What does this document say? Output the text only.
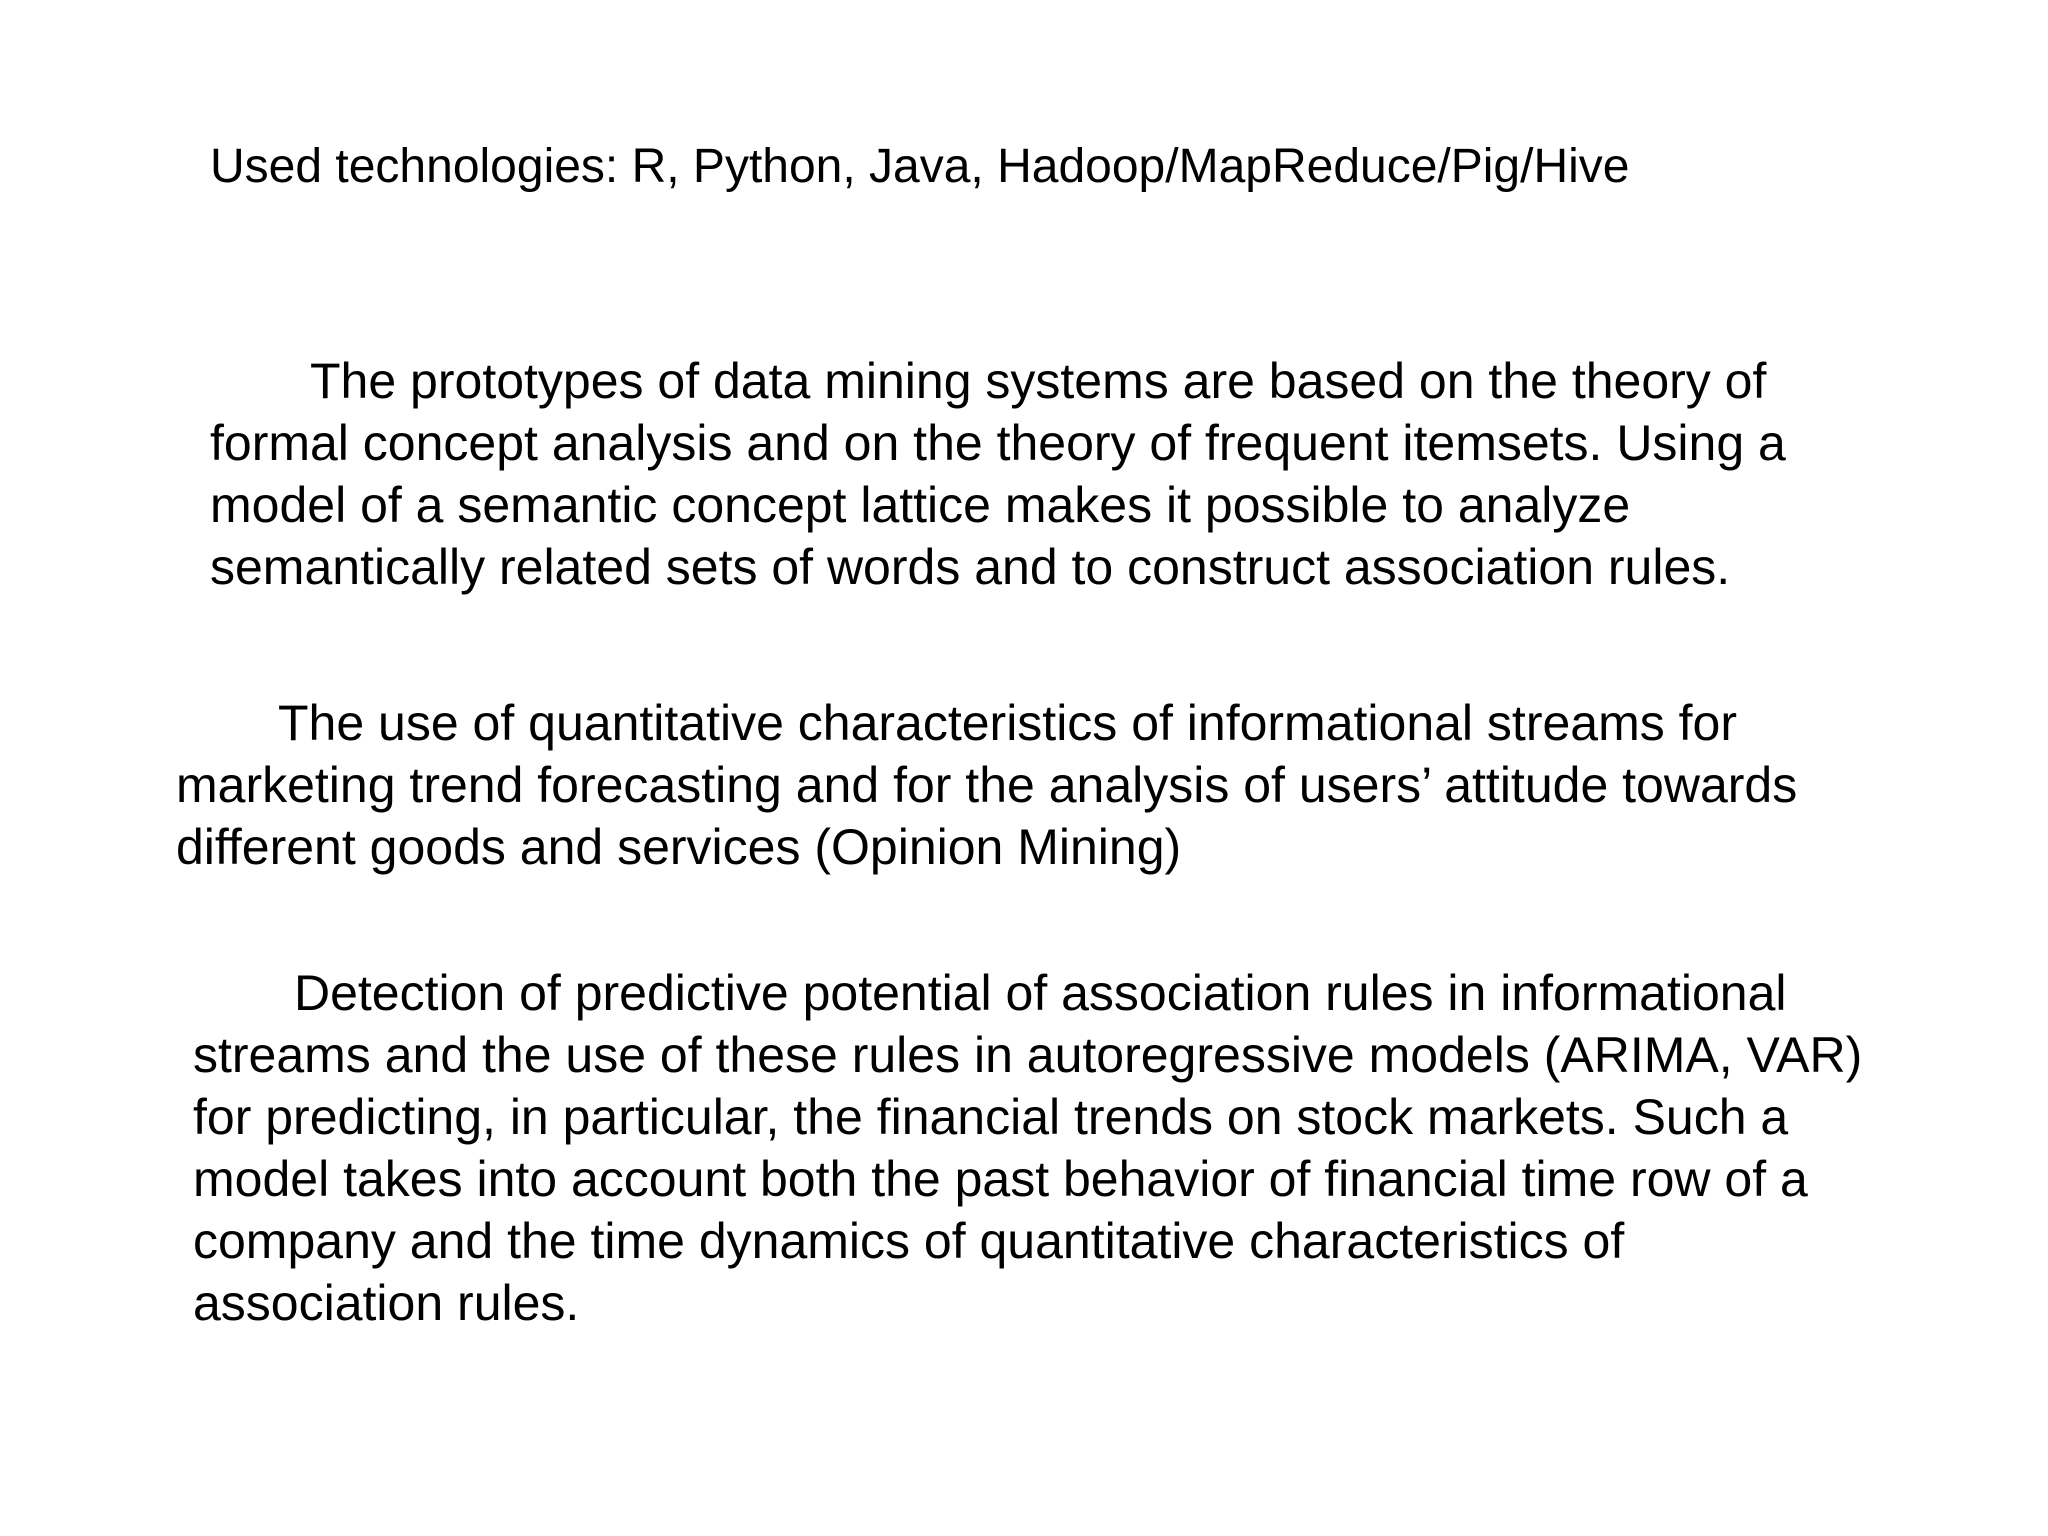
Used technologies: R, Python, Java, Hadoop/MapReduce/Pig/Hive
The prototypes of data mining systems are based on the theory of
formal concept analysis and on the theory of frequent itemsets. Using a
model of a semantic concept lattice makes it possible to analyze
semantically related sets of words and to construct association rules.
The use of quantitative characteristics of informational streams for
marketing trend forecasting and for the analysis of users’ attitude towards
different goods and services (Opinion Mining)
Detection of predictive potential of association rules in informational
streams and the use of these rules in autoregressive models (ARIMA, VAR)
for predicting, in particular, the financial trends on stock markets. Such a
model takes into account both the past behavior of financial time row of a
company and the time dynamics of quantitative characteristics of
association rules.
